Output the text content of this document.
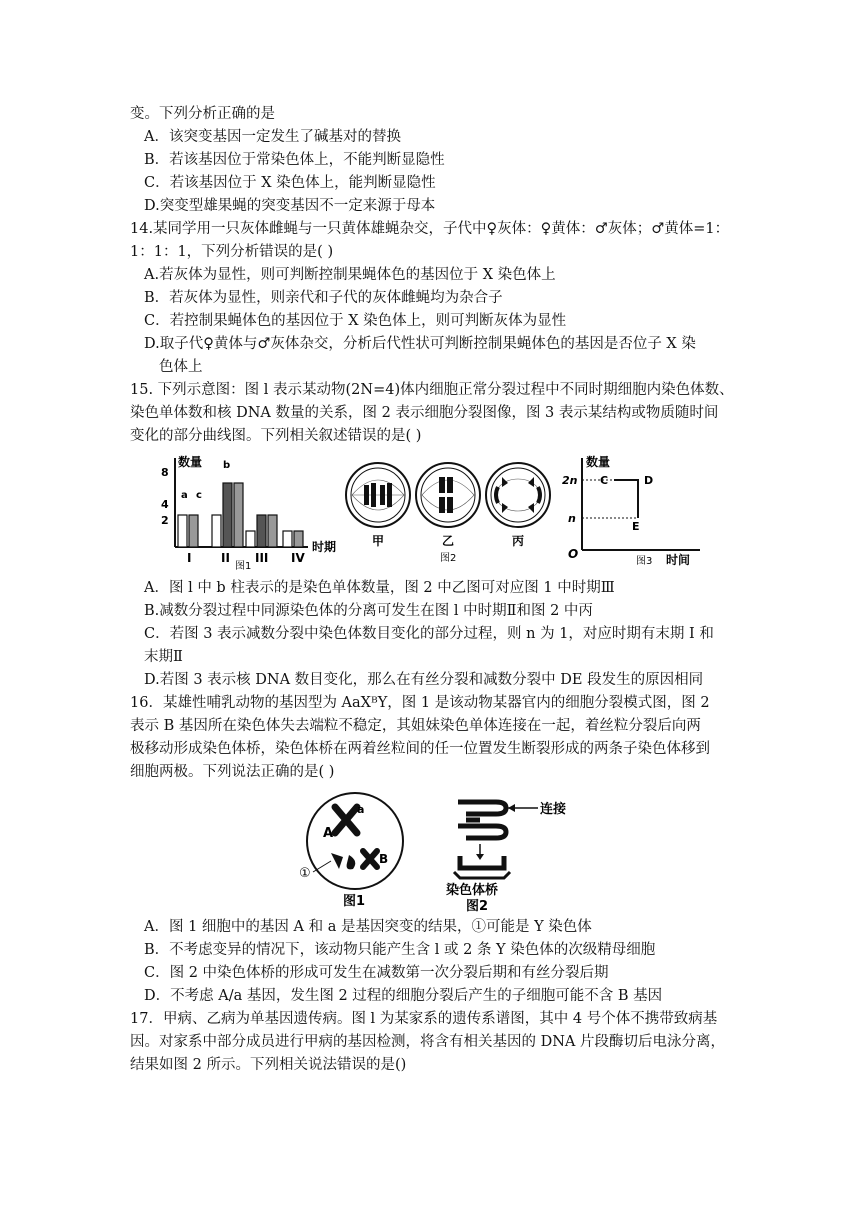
变。下列分析正确的是
A．该突变基因一定发生了碱基对的替换
B．若该基因位于常染色体上，不能判断显隐性
C．若该基因位于 X 染色体上，能判断显隐性
D.突变型雄果蝇的突变基因不一定来源于母本
14.某同学用一只灰体雌蝇与一只黄体雄蝇杂交，子代中♀灰体：♀黄体：♂灰体；♂黄体=1：
1：1：1，下列分析错误的是( )
A.若灰体为显性，则可判断控制果蝇体色的基因位于 X 染色体上
B．若灰体为显性，则亲代和子代的灰体雌蝇均为杂合子
C．若控制果蝇体色的基因位于 X 染色体上，则可判断灰体为显性
D.取子代♀黄体与♂灰体杂交，分析后代性状可判断控制果蝇体色的基因是否位子 X 染
色体上
15. 下列示意图：图 l 表示某动物(2N=4)体内细胞正常分裂过程中不同时期细胞内染色体数、
染色单体数和核 DNA 数量的关系，图 2 表示细胞分裂图像，图 3 表示某结构或物质随时间
变化的部分曲线图。下列相关叙述错误的是( )
数量
时期
8
4
2
a c
b
I II III IV
图1
甲	乙	丙
图2
数量
时间
2n
n
O
C	D
E
图3
A．图 l 中 b 柱表示的是染色单体数量，图 2 中乙图可对应图 1 中时期Ⅲ
B.减数分裂过程中同源染色体的分离可发生在图 l 中时期Ⅱ和图 2 中丙
C．若图 3 表示减数分裂中染色体数目变化的部分过程，则 n 为 1，对应时期有末期 I 和
末期Ⅱ
D.若图 3 表示核 DNA 数目变化，那么在有丝分裂和减数分裂中 DE 段发生的原因相同
16．某雄性哺乳动物的基因型为 AaXᴮY，图 1 是该动物某器官内的细胞分裂模式图，图 2
表示 B 基因所在染色体失去端粒不稳定，其姐妹染色单体连接在一起，着丝粒分裂后向两
极移动形成染色体桥，染色体桥在两着丝粒间的任一位置发生断裂形成的两条子染色体移到
细胞两极。下列说法正确的是( )
A
a
B
①
图1
连接
染色体桥
图2
A．图 1 细胞中的基因 A 和 a 是基因突变的结果，①可能是 Y 染色体
B．不考虑变异的情况下，该动物只能产生含 l 或 2 条 Y 染色体的次级精母细胞
C．图 2 中染色体桥的形成可发生在减数第一次分裂后期和有丝分裂后期
D．不考虑 A/a 基因，发生图 2 过程的细胞分裂后产生的子细胞可能不含 B 基因
17．甲病、乙病为单基因遗传病。图 l 为某家系的遗传系谱图，其中 4 号个体不携带致病基
因。对家系中部分成员进行甲病的基因检测，将含有相关基因的 DNA 片段酶切后电泳分离，
结果如图 2 所示。下列相关说法错误的是()
